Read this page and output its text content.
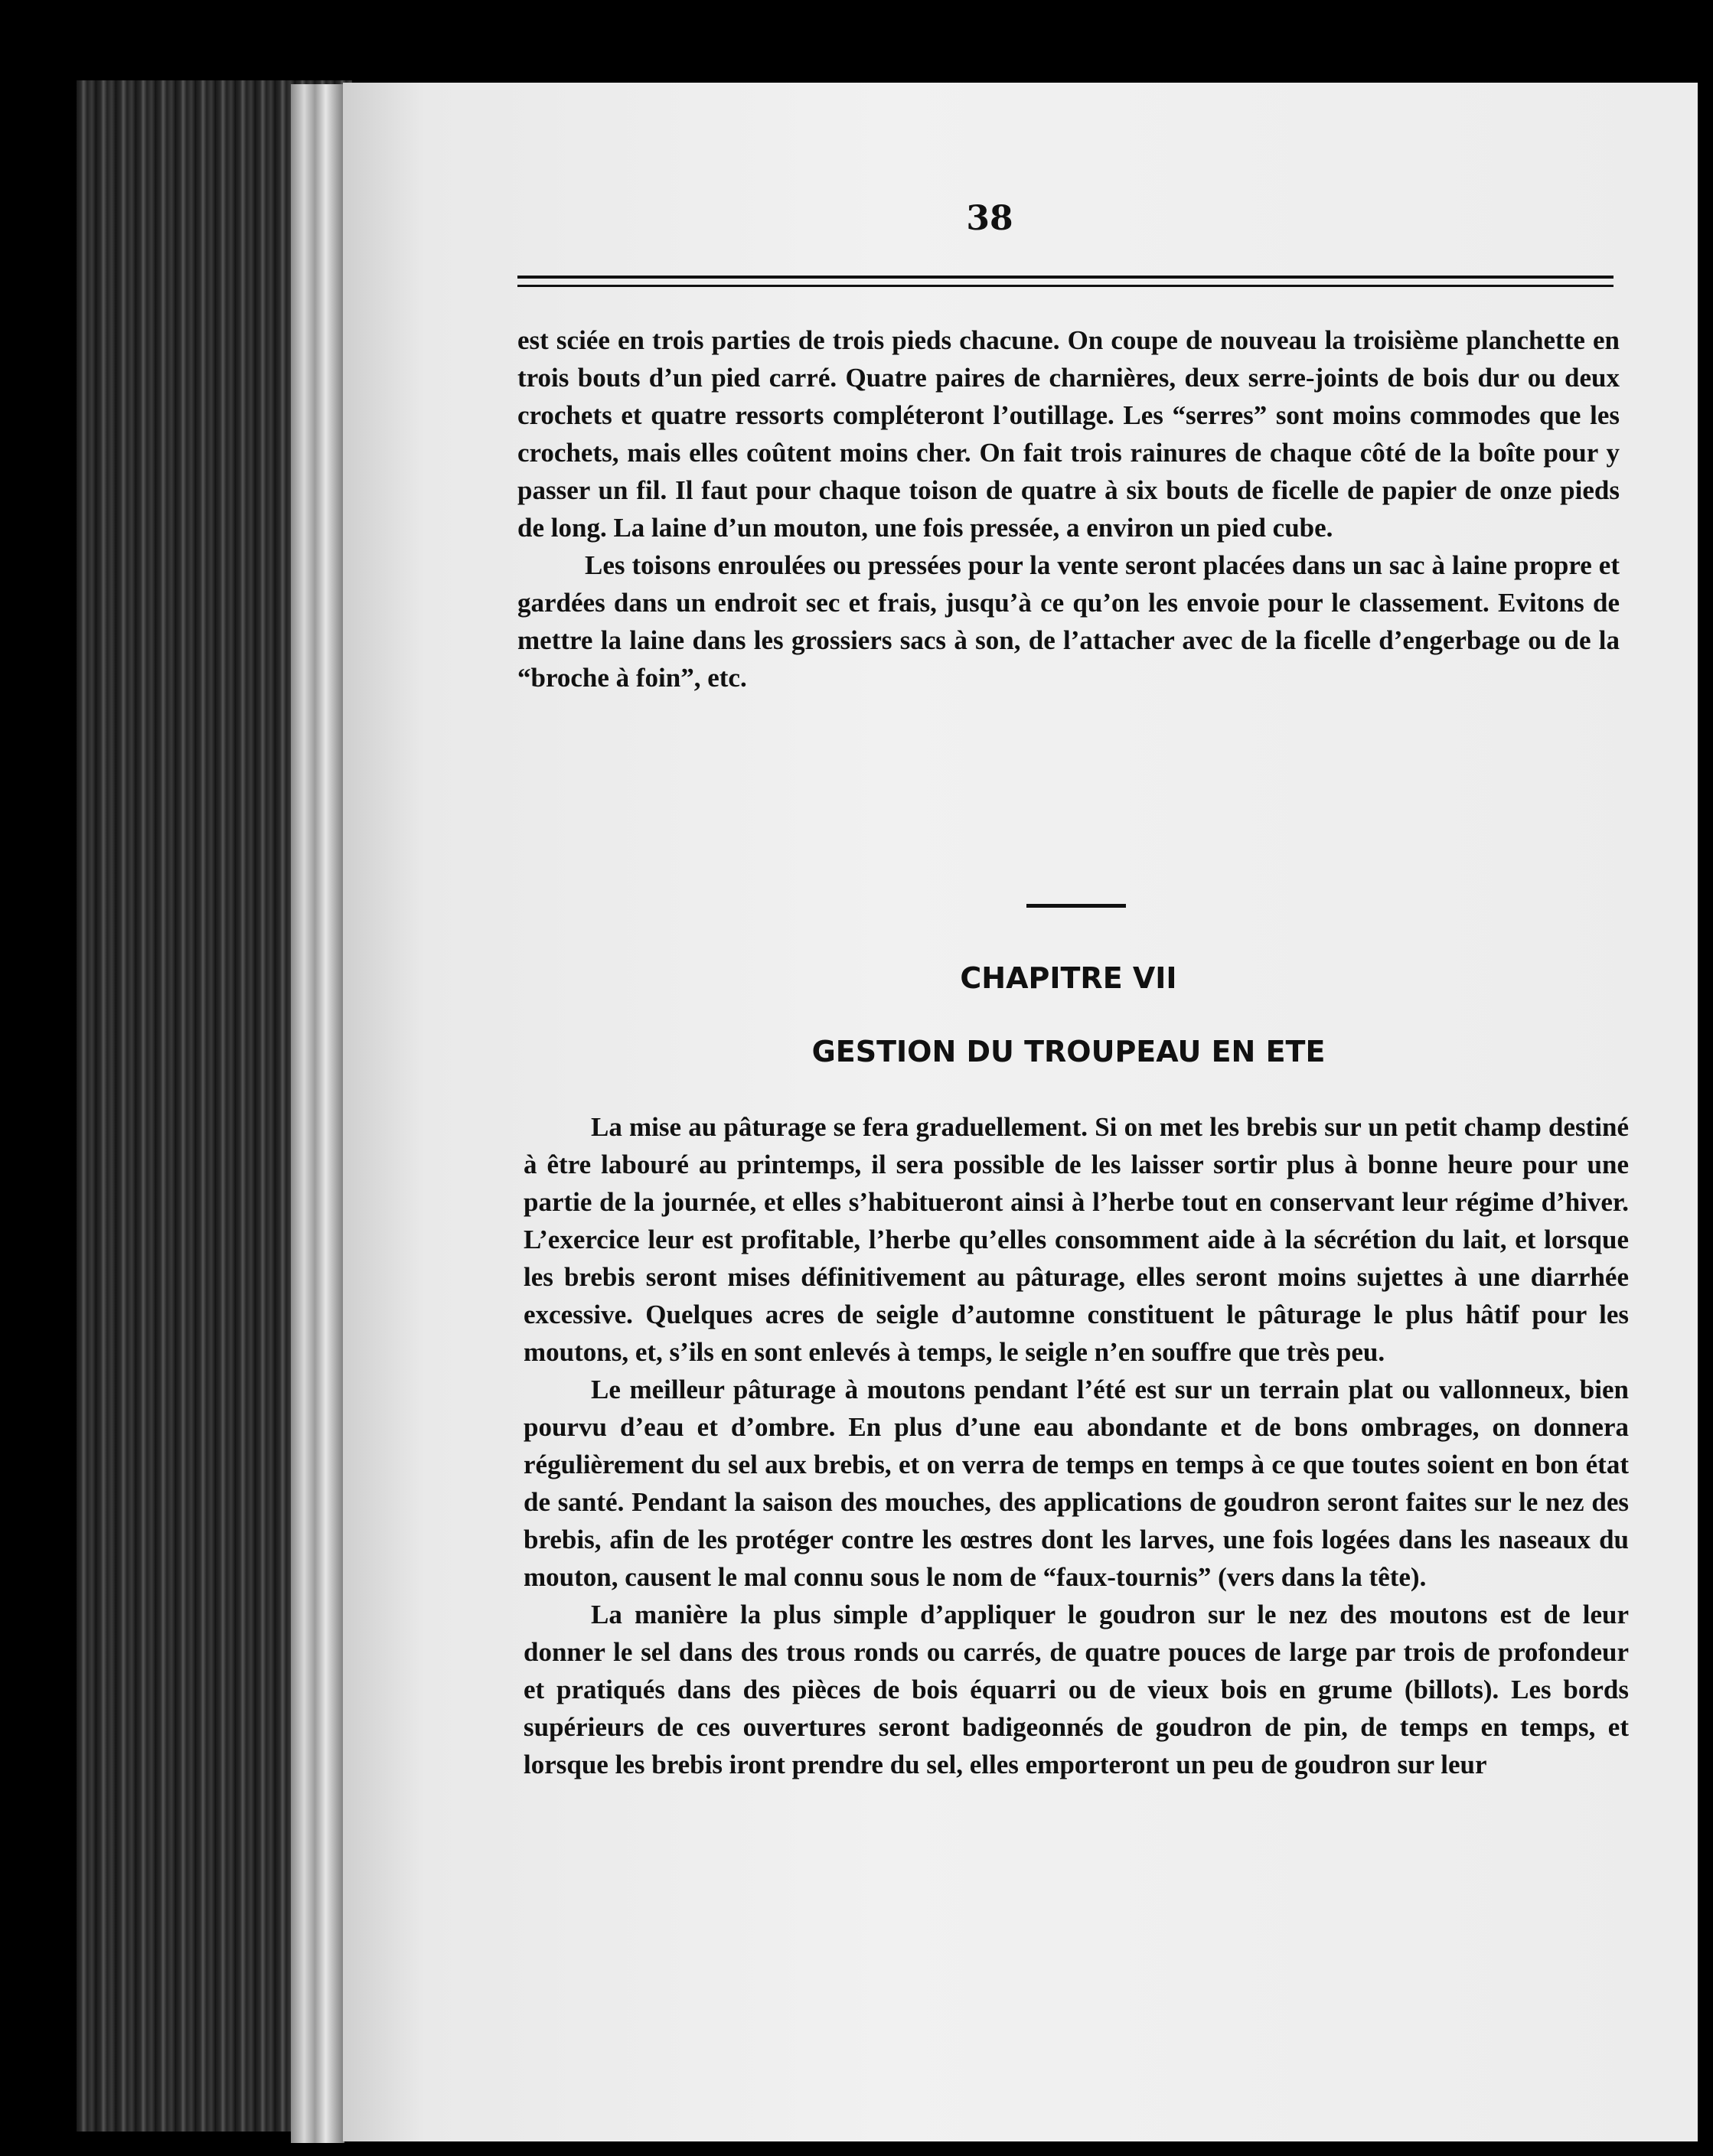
38

est sciée en trois parties de trois pieds chacune. On coupe de nouveau la troisième planchette en trois bouts d’un pied carré. Quatre paires de charnières, deux serre-joints de bois dur ou deux crochets et quatre ressorts compléteront l’outillage. Les “serres” sont moins commodes que les crochets, mais elles coûtent moins cher. On fait trois rainures de chaque côté de la boîte pour y passer un fil. Il faut pour chaque toison de quatre à six bouts de ficelle de papier de onze pieds de long. La laine d’un mouton, une fois pressée, a environ un pied cube.

Les toisons enroulées ou pressées pour la vente seront placées dans un sac à laine propre et gardées dans un endroit sec et frais, jusqu’à ce qu’on les envoie pour le classement. Evitons de mettre la laine dans les grossiers sacs à son, de l’attacher avec de la ficelle d’engerbage ou de la “broche à foin”, etc.

CHAPITRE VII
GESTION DU TROUPEAU EN ETE

La mise au pâturage se fera graduellement. Si on met les brebis sur un petit champ destiné à être labouré au printemps, il sera possible de les laisser sortir plus à bonne heure pour une partie de la journée, et elles s’habitueront ainsi à l’herbe tout en conservant leur régime d’hiver. L’exercice leur est profitable, l’herbe qu’elles consomment aide à la sécrétion du lait, et lorsque les brebis seront mises définitivement au pâturage, elles seront moins sujettes à une diarrhée excessive. Quelques acres de seigle d’automne constituent le pâturage le plus hâtif pour les moutons, et, s’ils en sont enlevés à temps, le seigle n’en souffre que très peu.

Le meilleur pâturage à moutons pendant l’été est sur un terrain plat ou vallonneux, bien pourvu d’eau et d’ombre. En plus d’une eau abondante et de bons ombrages, on donnera régulièrement du sel aux brebis, et on verra de temps en temps à ce que toutes soient en bon état de santé. Pendant la saison des mouches, des applications de goudron seront faites sur le nez des brebis, afin de les protéger contre les œstres dont les larves, une fois logées dans les naseaux du mouton, causent le mal connu sous le nom de “faux-tournis” (vers dans la tête).

La manière la plus simple d’appliquer le goudron sur le nez des moutons est de leur donner le sel dans des trous ronds ou carrés, de quatre pouces de large par trois de profondeur et pratiqués dans des pièces de bois équarri ou de vieux bois en grume (billots). Les bords supérieurs de ces ouvertures seront badigeonnés de goudron de pin, de temps en temps, et lorsque les brebis iront prendre du sel, elles emporteront un peu de goudron sur leur
